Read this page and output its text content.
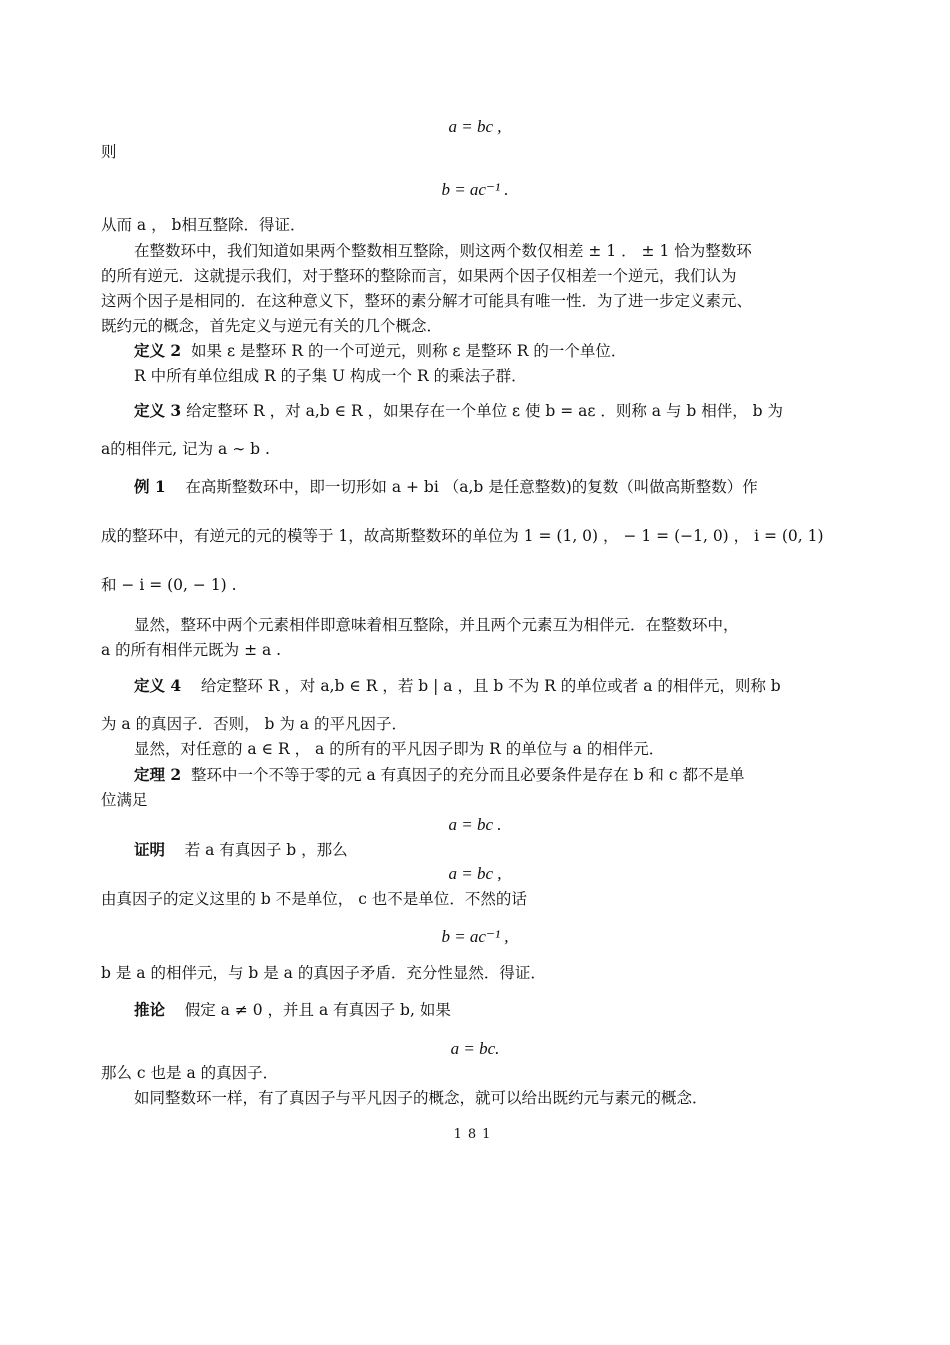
a = bc ,
则
b = ac⁻¹ .
从而 a ， b相互整除．得证．
在整数环中，我们知道如果两个整数相互整除，则这两个数仅相差 ± 1 ． ± 1 恰为整数环
的所有逆元．这就提示我们，对于整环的整除而言，如果两个因子仅相差一个逆元，我们认为
这两个因子是相同的．在这种意义下，整环的素分解才可能具有唯一性．为了进一步定义素元、
既约元的概念，首先定义与逆元有关的几个概念．
定义 2 如果 ε 是整环 R 的一个可逆元，则称 ε 是整环 R 的一个单位．
R 中所有单位组成 R 的子集 U 构成一个 R 的乘法子群．
定义 3 给定整环 R ，对 a,b ∈ R ，如果存在一个单位 ε 使 b = aε ．则称 a 与 b 相伴， b 为
a的相伴元, 记为 a ∼ b .
例 1 在高斯整数环中，即一切形如 a + bi （a,b 是任意整数)的复数（叫做高斯整数）作
成的整环中，有逆元的元的模等于 1，故高斯整数环的单位为 1 = (1, 0) ， − 1 = (−1, 0) ， i = (0, 1)
和 − i = (0, − 1) .
显然，整环中两个元素相伴即意味着相互整除，并且两个元素互为相伴元．在整数环中，
a 的所有相伴元既为 ± a .
定义 4 给定整环 R ，对 a,b ∈ R ，若 b | a ，且 b 不为 R 的单位或者 a 的相伴元，则称 b
为 a 的真因子．否则， b 为 a 的平凡因子．
显然，对任意的 a ∈ R ， a 的所有的平凡因子即为 R 的单位与 a 的相伴元．
定理 2 整环中一个不等于零的元 a 有真因子的充分而且必要条件是存在 b 和 c 都不是单
位满足
a = bc .
证明 若 a 有真因子 b ，那么
a = bc ,
由真因子的定义这里的 b 不是单位， c 也不是单位．不然的话
b = ac⁻¹ ,
b 是 a 的相伴元，与 b 是 a 的真因子矛盾．充分性显然．得证．
推论 假定 a ≠ 0 ，并且 a 有真因子 b, 如果
a = bc.
那么 c 也是 a 的真因子．
如同整数环一样，有了真因子与平凡因子的概念，就可以给出既约元与素元的概念．
181
